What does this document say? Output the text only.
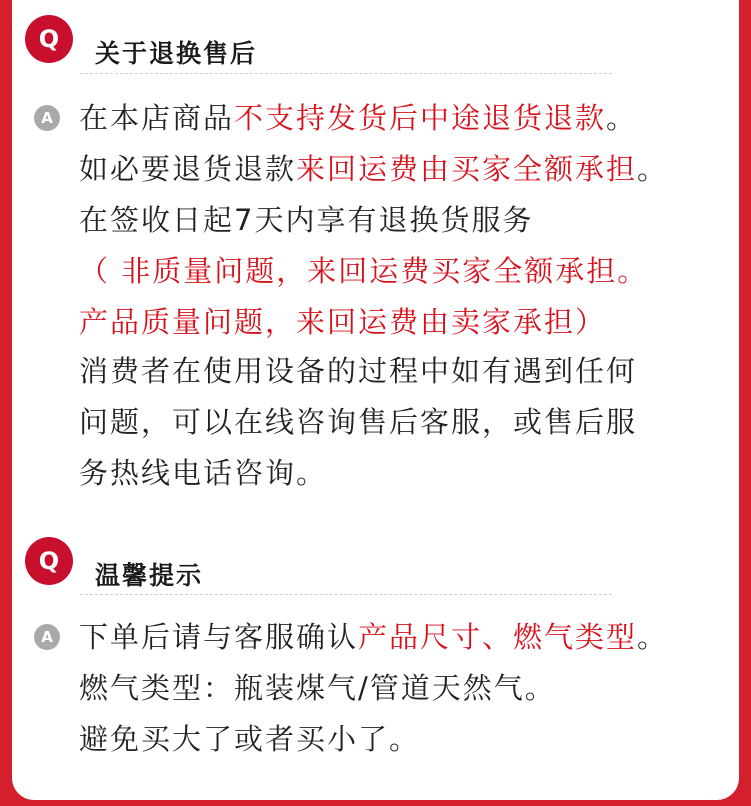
Q	关于退换售后
A 在本店商品不支持发货后中途退货退款。
如必要退货退款来回运费由买家全额承担。
在签收日起7天内享有退换货服务
（ 非质量问题，来回运费买家全额承担。
产品质量问题，来回运费由卖家承担）
消费者在使用设备的过程中如有遇到任何
问题，可以在线咨询售后客服，或售后服
务热线电话咨询。
Q	温馨提示
A 下单后请与客服确认产品尺寸、燃气类型。
燃气类型：瓶装煤气/管道天然气。
避免买大了或者买小了。
